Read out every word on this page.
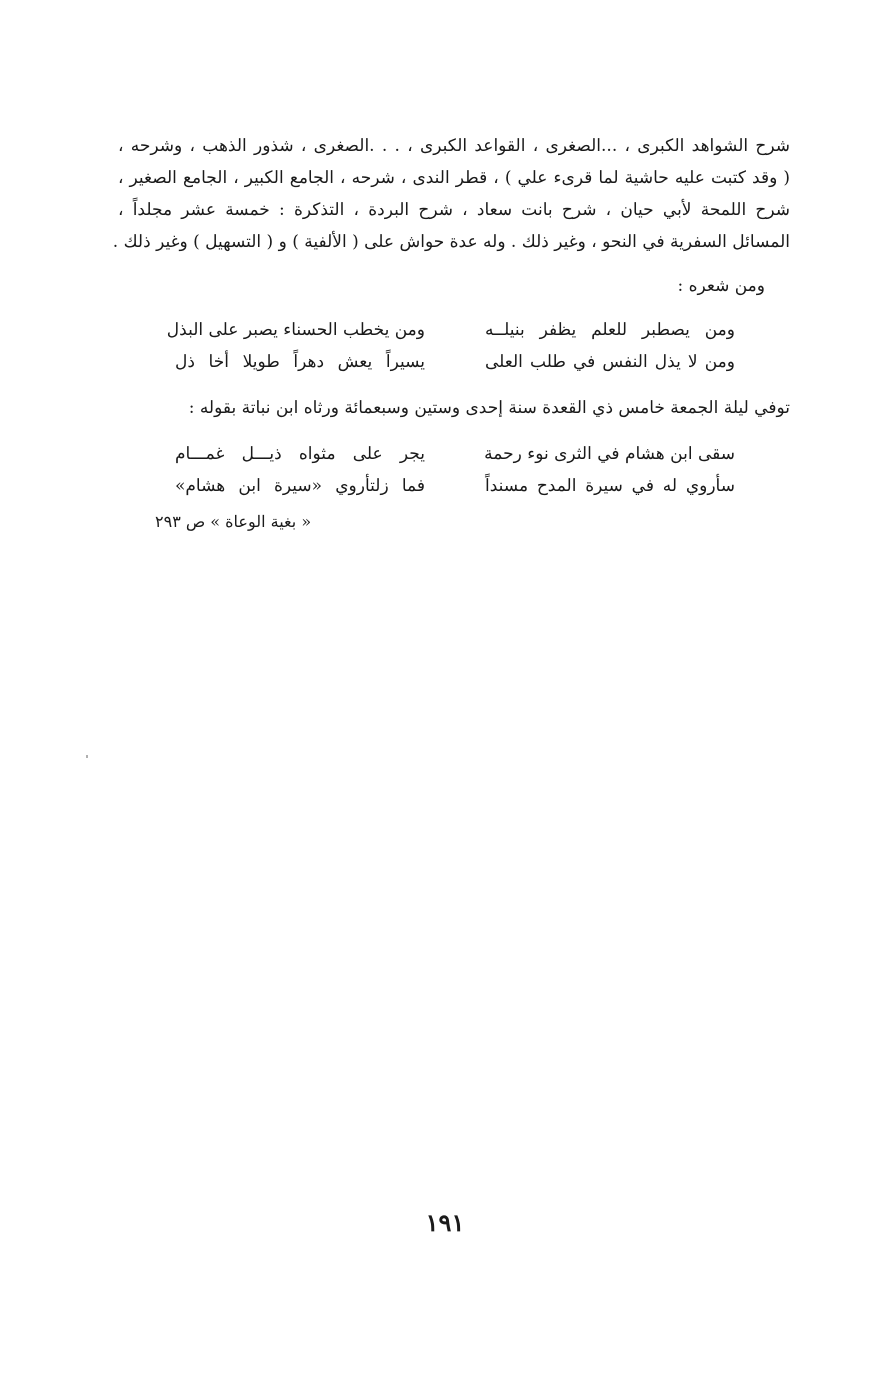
شرح الشواهد الكبرى ، ...الصغرى ، القواعد الكبرى ، . . .الصغرى ، شذور الذهب ، وشرحه ،
( وقد كتبت عليه حاشية لما قرىء علي ) ، قطر الندى ، شرحه ، الجامع الكبير ، الجامع الصغير ،
شرح اللمحة لأبي حيان ، شرح بانت سعاد ، شرح البردة ، التذكرة : خمسة عشر مجلداً ،
المسائل السفرية في النحو ، وغير ذلك . وله عدة حواش على ( الألفية ) و ( التسهيل ) وغير ذلك .
ومن شعره :
ومن يصطبر للعلم يظفر بنيلــه
ومن يخطب الحسناء يصبر على البذل
ومن لا يذل النفس في طلب العلى
يسيراً يعش دهراً طويلا أخا ذل
توفي ليلة الجمعة خامس ذي القعدة سنة إحدى وستين وسبعمائة ورثاه ابن نباتة بقوله :
سقى ابن هشام في الثرى نوء رحمة
يجر على مثواه ذيـــل غمـــام
سأروي له في سيرة المدح مسنداً
فما زلتأروي «سيرة ابن هشام»
« بغية الوعاة » ص ٢٩٣
١٩١
